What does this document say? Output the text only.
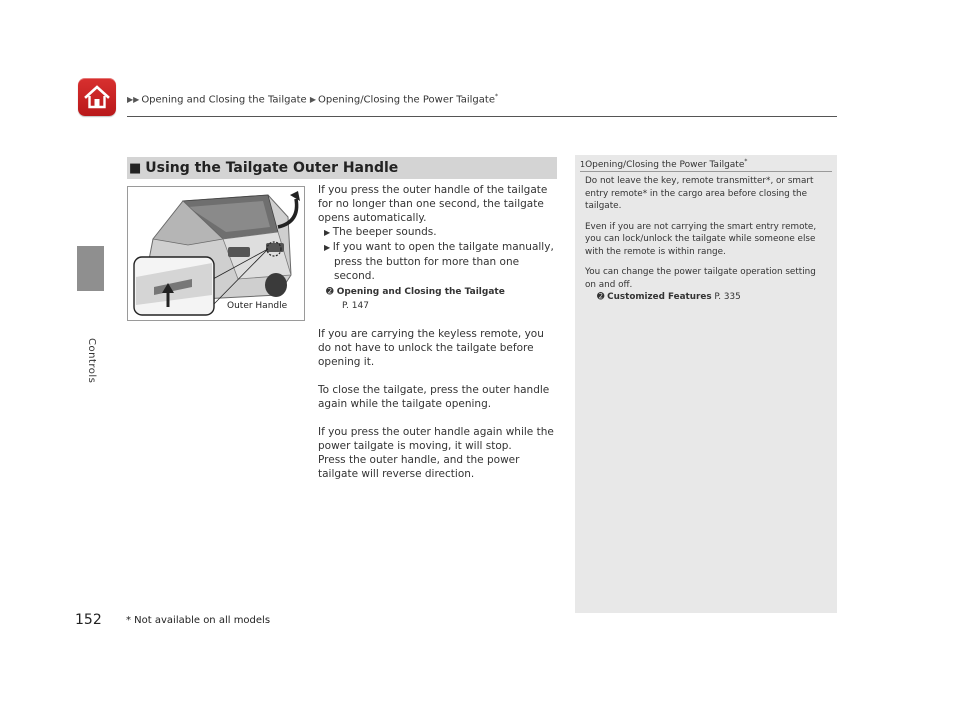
▶▶ Opening and Closing the Tailgate ▶ Opening/Closing the Power Tailgate*
Controls
■ Using the Tailgate Outer Handle
Outer Handle

If you press the outer handle of the tailgate for no longer than one second, the tailgate opens automatically.

▶ The beeper sounds.

▶ If you want to open the tailgate manually, press the button for more than one second.

➋ Opening and Closing the Tailgate

P. 147

If you are carrying the keyless remote, you do not have to unlock the tailgate before opening it.

To close the tailgate, press the outer handle again while the tailgate opening.

If you press the outer handle again while the power tailgate is moving, it will stop.

Press the outer handle, and the power tailgate will reverse direction.

1Opening/Closing the Power Tailgate*

Do not leave the key, remote transmitter*, or smart entry remote* in the cargo area before closing the tailgate.

Even if you are not carrying the smart entry remote, you can lock/unlock the tailgate while someone else with the remote is within range.

You can change the power tailgate operation setting on and off.

➋ Customized Features P. 335

152 * Not available on all models
